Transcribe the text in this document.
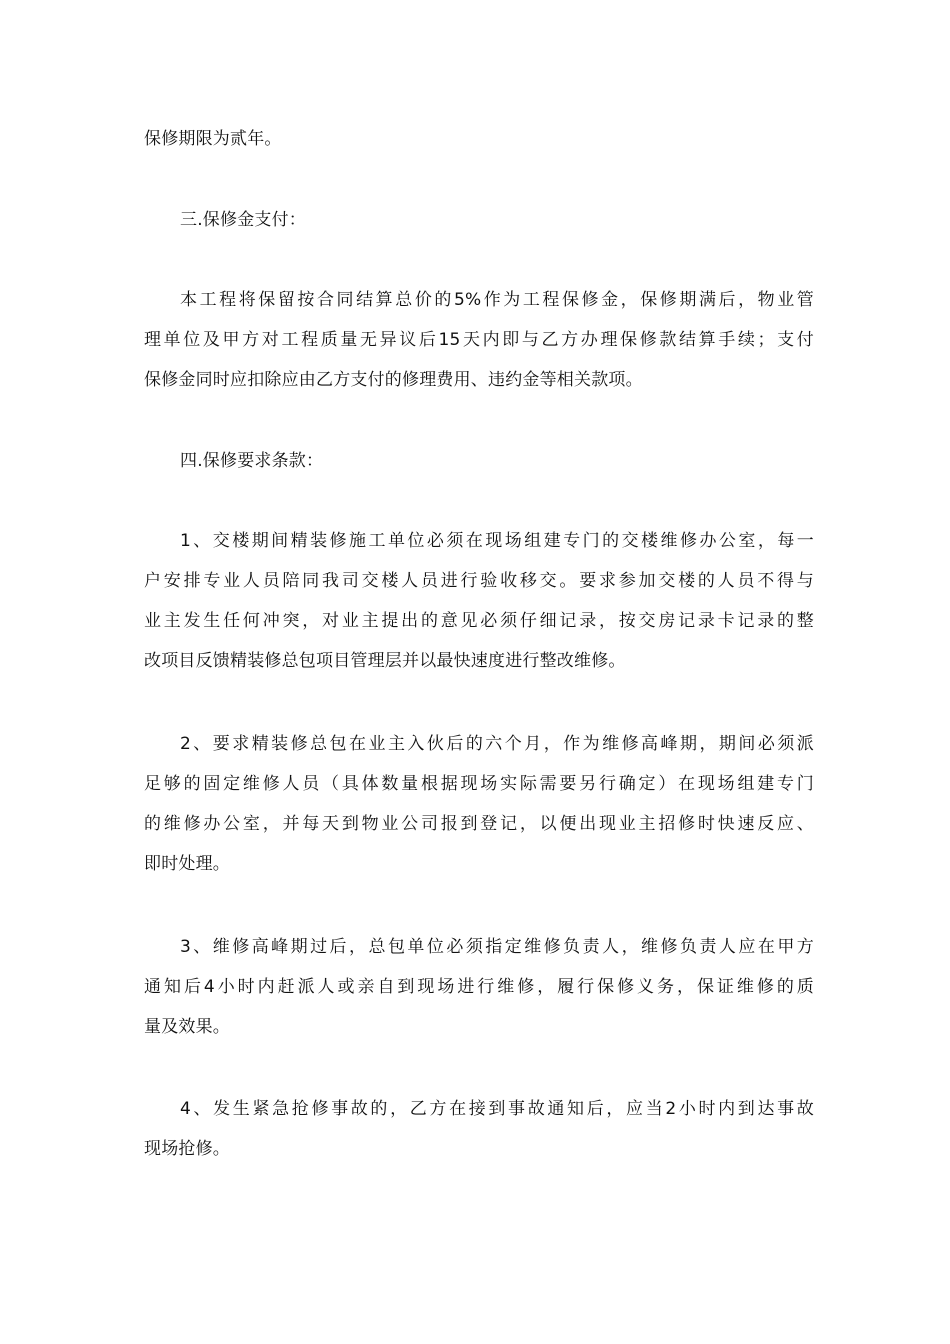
保修期限为贰年。
三.保修金支付：
本工程将保留按合同结算总价的5%作为工程保修金，保修期满后，物业管
理单位及甲方对工程质量无异议后15天内即与乙方办理保修款结算手续；支付
保修金同时应扣除应由乙方支付的修理费用、违约金等相关款项。
四.保修要求条款：
1、交楼期间精装修施工单位必须在现场组建专门的交楼维修办公室，每一
户安排专业人员陪同我司交楼人员进行验收移交。要求参加交楼的人员不得与
业主发生任何冲突，对业主提出的意见必须仔细记录，按交房记录卡记录的整
改项目反馈精装修总包项目管理层并以最快速度进行整改维修。
2、要求精装修总包在业主入伙后的六个月，作为维修高峰期，期间必须派
足够的固定维修人员（具体数量根据现场实际需要另行确定）在现场组建专门
的维修办公室，并每天到物业公司报到登记，以便出现业主招修时快速反应、
即时处理。
3、维修高峰期过后，总包单位必须指定维修负责人，维修负责人应在甲方
通知后4小时内赶派人或亲自到现场进行维修，履行保修义务，保证维修的质
量及效果。
4、发生紧急抢修事故的，乙方在接到事故通知后，应当2小时内到达事故
现场抢修。
